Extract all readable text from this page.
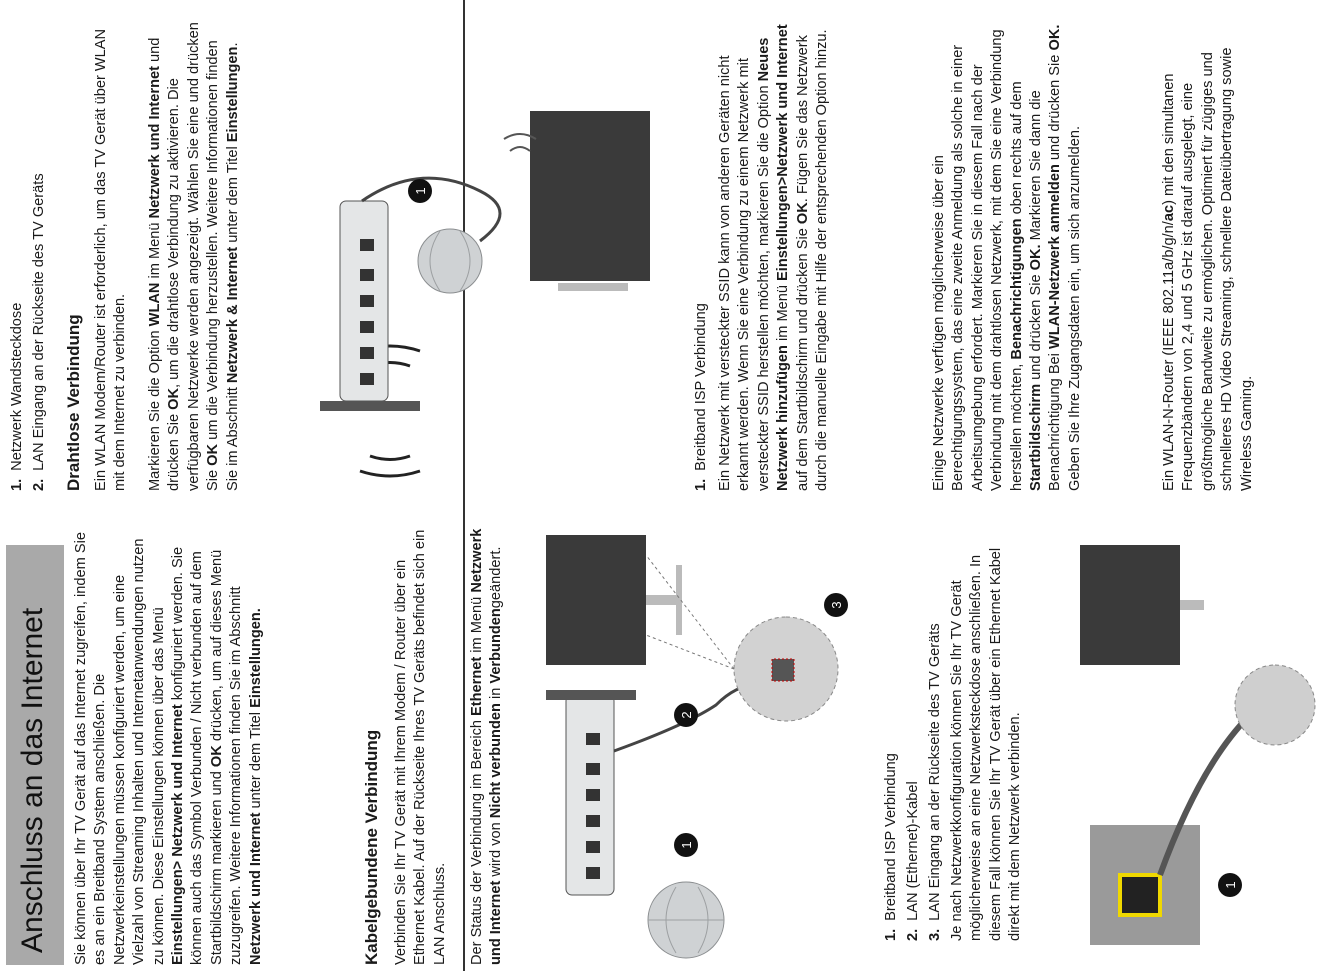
Anschluss an das Internet Sie können über Ihr TV Gerät auf das Internet zugreifen, indem Sie es an ein Breitband System anschließen. Die Netzwerkeinstellungen müssen konfiguriert werden, um eine Vielzahl von Streaming Inhalten und Internetanwendungen nutzen zu können. Diese Einstellungen können über das Menü Einstellungen> Netzwerk und Internet konfiguriert werden. Sie können auch das Symbol Verbunden / Nicht verbunden auf dem Startbildschirm markieren und OK drücken, um auf dieses Menü zuzugreifen. Weitere Informationen finden Sie im Abschnitt Netzwerk und Internet unter dem Titel Einstellungen.
Kabelgebundene Verbindung Verbinden Sie Ihr TV Gerät mit Ihrem Modem / Router über ein Ethernet Kabel. Auf der Rückseite Ihres TV Geräts befindet sich ein LAN Anschluss. Der Status der Verbindung im Bereich Ethernet im Menü Netzwerk und Internet wird von Nicht verbunden in Verbundengeändert.
1
2
3
1.Breitband ISP Verbindung
2.LAN (Ethernet)-Kabel
3.LAN Eingang an der Rückseite des TV Geräts Je nach Netzwerkkonfiguration können Sie Ihr TV Gerät möglicherweise an eine Netzwerksteckdose anschließen. In diesem Fall können Sie Ihr TV Gerät über ein Ethernet Kabel direkt mit dem Netzwerk verbinden.	1
1.Netzwerk Wandsteckdose
2.LAN Eingang an der Rückseite des TV Geräts Drahtlose Verbindung Ein WLAN Modem/Router ist erforderlich, um das TV Gerät über WLAN mit dem Internet zu verbinden. Markieren Sie die Option WLAN im Menü Netzwerk und Internet und drücken Sie OK, um die drahtlose Verbindung zu aktivieren. Die verfügbaren Netzwerke werden angezeigt. Wählen Sie eine und drücken Sie OK um die Verbindung herzustellen. Weitere Informationen finden Sie im Abschnitt Netzwerk & Internet unter dem Titel Einstellungen.
1
1.Breitband ISP Verbindung Ein Netzwerk mit versteckter SSID kann von anderen Geräten nicht erkannt werden. Wenn Sie eine Verbindung zu einem Netzwerk mit versteckter SSID herstellen möchten, markieren Sie die Option Neues Netzwerk hinzufügen im Menü Einstellungen>Netzwerk und Internet auf dem Startbildschirm und drücken Sie OK. Fügen Sie das Netzwerk durch die manuelle Eingabe mit Hilfe der entsprechenden Option hinzu.	Einige Netzwerke verfügen möglicherweise über ein Berechtigungssystem, das eine zweite Anmeldung als solche in einer Arbeitsumgebung erfordert. Markieren Sie in diesem Fall nach der Verbindung mit dem drahtlosen Netzwerk, mit dem Sie eine Verbindung herstellen möchten, Benachrichtigungen oben rechts auf dem Startbildschirm und drücken Sie OK. Markieren Sie dann die Benachrichtigung Bei WLAN-Netzwerk anmelden und drücken Sie OK. Geben Sie Ihre Zugangsdaten ein, um sich anzumelden.	Ein WLAN-N-Router (IEEE 802.11a/b/g/n/ac) mit den simultanen Frequenzbändern von 2,4 und 5 GHz ist darauf ausgelegt, eine größtmögliche Bandweite zu ermöglichen. Optimiert für zügiges und schnelleres HD Video Streaming, schnellere Dateiübertragung sowie Wireless Gaming.
